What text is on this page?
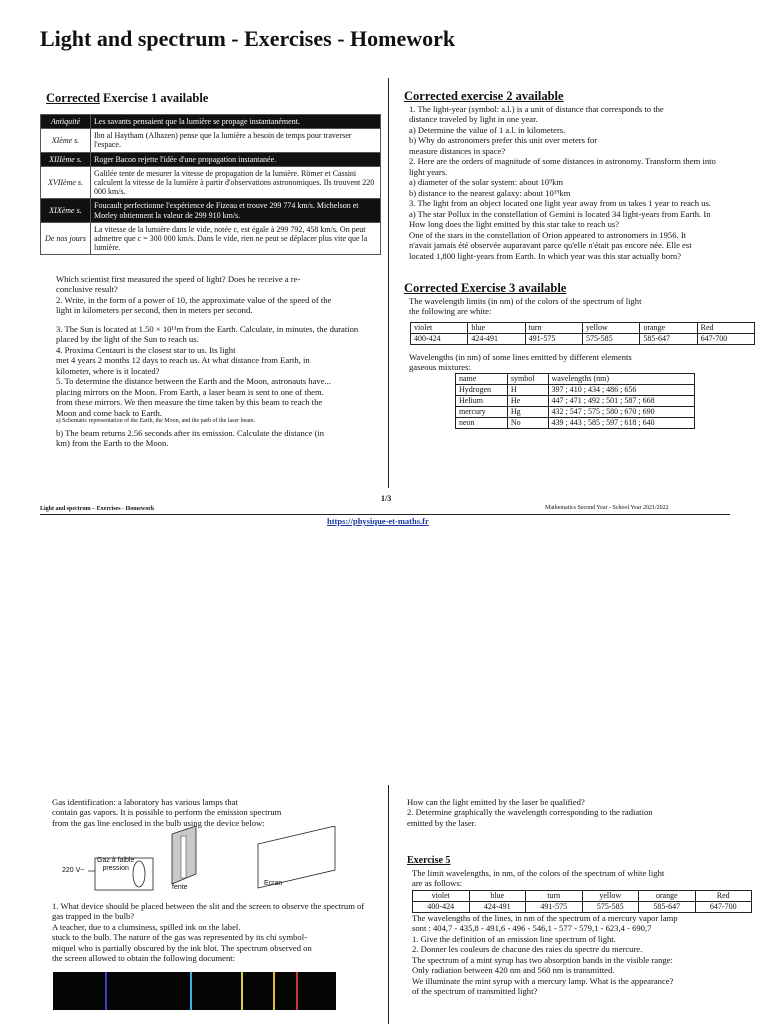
Light and spectrum - Exercises - Homework
Corrected Exercise 1 available
Antiquité	Les savants pensaient que la lumière se propage instantanément.
XIème s.	Ibn al Haytham (Alhazen) pense que la lumière a besoin de temps pour traverser l'espace.
XIIIème s.	Roger Bacon rejette l'idée d'une propagation instantanée.
XVIIème s.	Galilée tente de mesurer la vitesse de propagation de la lumière. Römer et Cassini calculent la vitesse de la lumière à partir d'observations astronomiques. Ils trouvent 220 000 km/s.
XIXème s.	Foucault perfectionne l'expérience de Fizeau et trouve 299 774 km/s. Michelson et Morley obtiennent la valeur de 299 910 km/s.
De nos jours	La vitesse de la lumière dans le vide, notée c, est égale à 299 792, 458 km/s. On peut admettre que c = 300 000 km/s. Dans le vide, rien ne peut se déplacer plus vite que la lumière.

Which scientist first measured the speed of light? Does he receive a re-

conclusive result?

2. Write, in the form of a power of 10, the approximate value of the speed of the

light in kilometers per second, then in meters per second.

3. The Sun is located at 1.50 × 10¹¹m from the Earth. Calculate, in minutes, the duration

placed by the light of the Sun to reach us.

4. Proxima Centauri is the closest star to us. Its light

met 4 years 2 months 12 days to reach us. At what distance from Earth, in

kilometer, where is it located?

5. To determine the distance between the Earth and the Moon, astronauts have...

placing mirrors on the Moon. From Earth, a laser beam is sent to one of them.

from these mirrors. We then measure the time taken by this beam to reach the

Moon and come back to Earth.

a) Schematic representation of the Earth, the Moon, and the path of the laser beam.

b) The beam returns 2.56 seconds after its emission. Calculate the distance (in

km) from the Earth to the Moon.

Corrected exercise 2 available

1. The light-year (symbol: a.l.) is a unit of distance that corresponds to the

distance traveled by light in one year.

a) Determine the value of 1 a.l. in kilometers.

b) Why do astronomers prefer this unit over meters for

measure distances in space?

2. Here are the orders of magnitude of some distances in astronomy. Transform them into

light years.

a) diameter of the solar system: about 10⁹km

b) distance to the nearest galaxy: about 10¹⁹km

3. The light from an object located one light year away from us takes 1 year to reach us.

a) The star Pollux in the constellation of Gemini is located 34 light-years from Earth. In

How long does the light emitted by this star take to reach us?

One of the stars in the constellation of Orion appeared to astronomers in 1956. It

n'avait jamais été observée auparavant parce qu'elle n'était pas encore née. Elle est

located 1,800 light-years from Earth. In which year was this star actually born?

Corrected Exercise 3 available

The wavelength limits (in nm) of the colors of the spectrum of light

the following are white:

violet	blue	turn	yellow	orange	Red
400-424	424-491	491-575	575-585	585-647	647-700

Wavelengths (in nm) of some lines emitted by different elements

gaseous mixtures:

name	symbol	wavelengths (nm)
Hydrogen	H	397 ; 410 ; 434 ; 486 ; 656
Helium	He	447 ; 471 ; 492 ; 501 ; 587 ; 668
mercury	Hg	432 ; 547 ; 575 ; 580 ; 670 ; 690
neon	No	439 ; 443 ; 585 ; 597 ; 618 ; 640
1/3
Light and spectrum – Exercises - Homework	Mathematics Second Year - School Year 2021/2022
https://physique-et-maths.fr

Gas identification: a laboratory has various lamps that

contain gas vapors. It is possible to perform the emission spectrum

from the gas line enclosed in the bulb using the device below:

220 V~
Gaz à faible
pression
fente
Ecran

1. What device should be placed between the slit and the screen to observe the spectrum of

gas trapped in the bulb?

A teacher, due to a clumsiness, spilled ink on the label.

stuck to the bulb. The nature of the gas was represented by its chi symbol-

miquel who is partially obscured by the ink blot. The spectrum observed on

the screen allowed to obtain the following document:

How can the light emitted by the laser be qualified?

2. Determine graphically the wavelength corresponding to the radiation

emitted by the laser.

Exercise 5

The limit wavelengths, in nm, of the colors of the spectrum of white light

are as follows:

violet	blue	turn	yellow	orange	Red
400-424	424-491	491-575	575-585	585-647	647-700

The wavelengths of the lines, in nm of the spectrum of a mercury vapor lamp

sont : 404,7 - 435,8 - 491,6 - 496 - 546,1 - 577 - 579,1 - 623,4 - 690,7

1. Give the definition of an emission line spectrum of light.

2. Donner les couleurs de chacune des raies du spectre du mercure.

The spectrum of a mint syrup has two absorption bands in the visible range:

Only radiation between 420 nm and 560 nm is transmitted.

We illuminate the mint syrup with a mercury lamp. What is the appearance?

of the spectrum of transmitted light?
